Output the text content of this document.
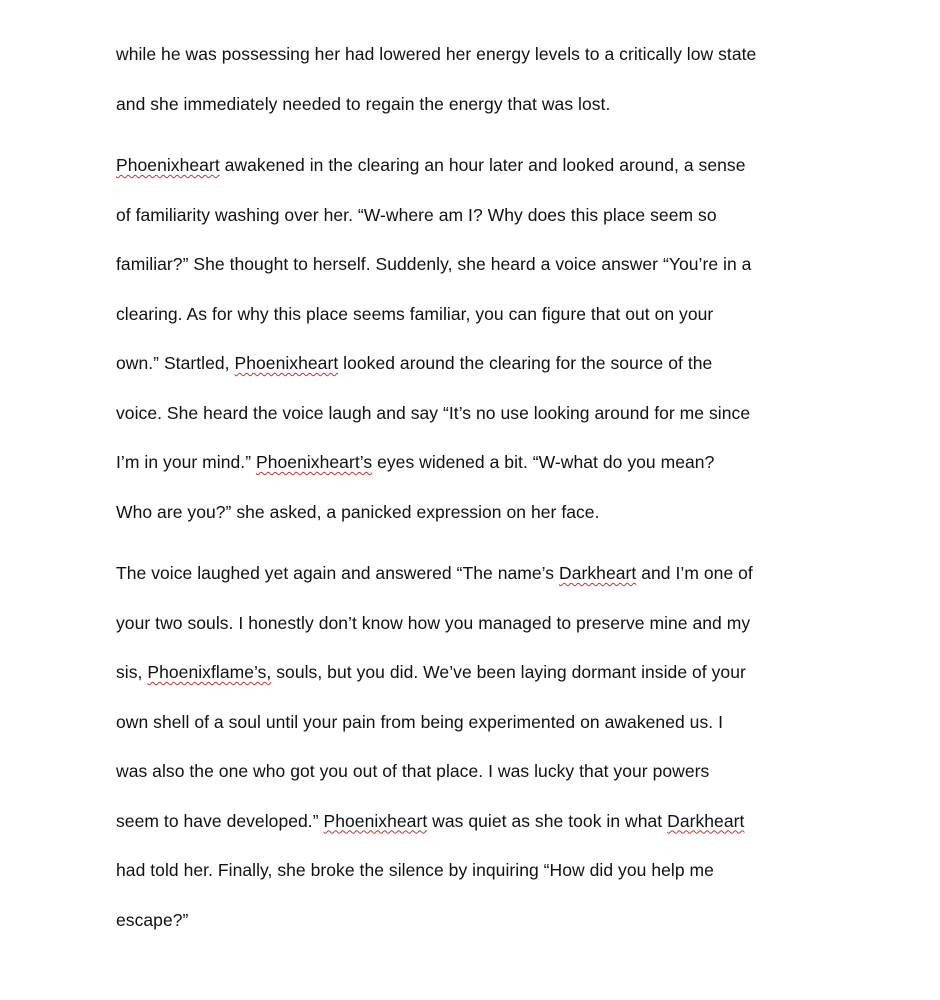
while he was possessing her had lowered her energy levels to a critically low state
and she immediately needed to regain the energy that was lost.
Phoenixheart awakened in the clearing an hour later and looked around, a sense
of familiarity washing over her. “W-where am I? Why does this place seem so
familiar?” She thought to herself. Suddenly, she heard a voice answer “You’re in a
clearing. As for why this place seems familiar, you can figure that out on your
own.” Startled, Phoenixheart looked around the clearing for the source of the
voice. She heard the voice laugh and say “It’s no use looking around for me since
I’m in your mind.” Phoenixheart’s eyes widened a bit. “W-what do you mean?
Who are you?” she asked, a panicked expression on her face.
The voice laughed yet again and answered “The name’s Darkheart and I’m one of
your two souls. I honestly don’t know how you managed to preserve mine and my
sis, Phoenixflame’s, souls, but you did. We’ve been laying dormant inside of your
own shell of a soul until your pain from being experimented on awakened us. I
was also the one who got you out of that place. I was lucky that your powers
seem to have developed.” Phoenixheart was quiet as she took in what Darkheart
had told her. Finally, she broke the silence by inquiring “How did you help me
escape?”
